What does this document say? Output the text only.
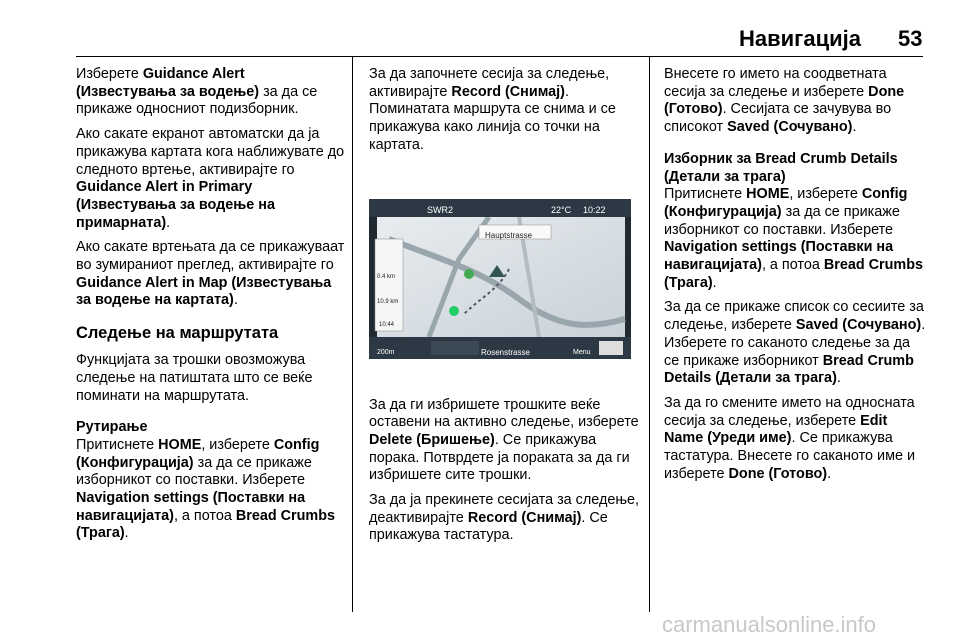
Навигација 53

Изберете Guidance Alert (Известувања за водење) за да се прикаже односниот подизборник.

Ако сакате екранот автоматски да ја прикажува картата кога наближувате до следното вртење, активирајте го Guidance Alert in Primary (Известувања за водење на примарната).

Ако сакате вртењата да се прикажуваат во зумираниот преглед, активирајте го Guidance Alert in Map (Известувања за водење на картата).

Следење на маршрутата

Функцијата за трошки овозможува следење на патиштата што се веќе поминати на маршрутата.

Рутирање

Притиснете HOME, изберете Config (Конфигурација) за да се прикаже изборникот со поставки. Изберете Navigation settings (Поставки на навигацијата), а потоа Bread Crumbs (Трага).

За да започнете сесија за следење, активирајте Record (Снимај). Поминатата маршрута се снима и се прикажува како линија со точки на картата.

SWR2	22°C 10:22
Hauptstrasse
0.4 km
10.9 km
10:44
200m	Rosenstrasse	Menu

За да ги избришете трошките веќе оставени на активно следење, изберете Delete (Бришење). Се прикажува порака. Потврдете ја пораката за да ги избришете сите трошки.

За да ја прекинете сесијата за следење, деактивирајте Record (Снимај). Се прикажува тастатура.

Внесете го името на соодветната сесија за следење и изберете Done (Готово). Сесијата се зачувува во списокот Saved (Сочувано).

Изборник за Bread Crumb Details (Детали за трага)

Притиснете HOME, изберете Config (Конфигурација) за да се прикаже изборникот со поставки. Изберете Navigation settings (Поставки на навигацијата), а потоа Bread Crumbs (Трага).

За да се прикаже список со сесиите за следење, изберете Saved (Сочувано). Изберете го саканото следење за да се прикаже изборникот Bread Crumb Details (Детали за трага).

За да го смените името на односната сесија за следење, изберете Edit Name (Уреди име). Се прикажува тастатура. Внесете го саканото име и изберете Done (Готово).

carmanualsonline.info
